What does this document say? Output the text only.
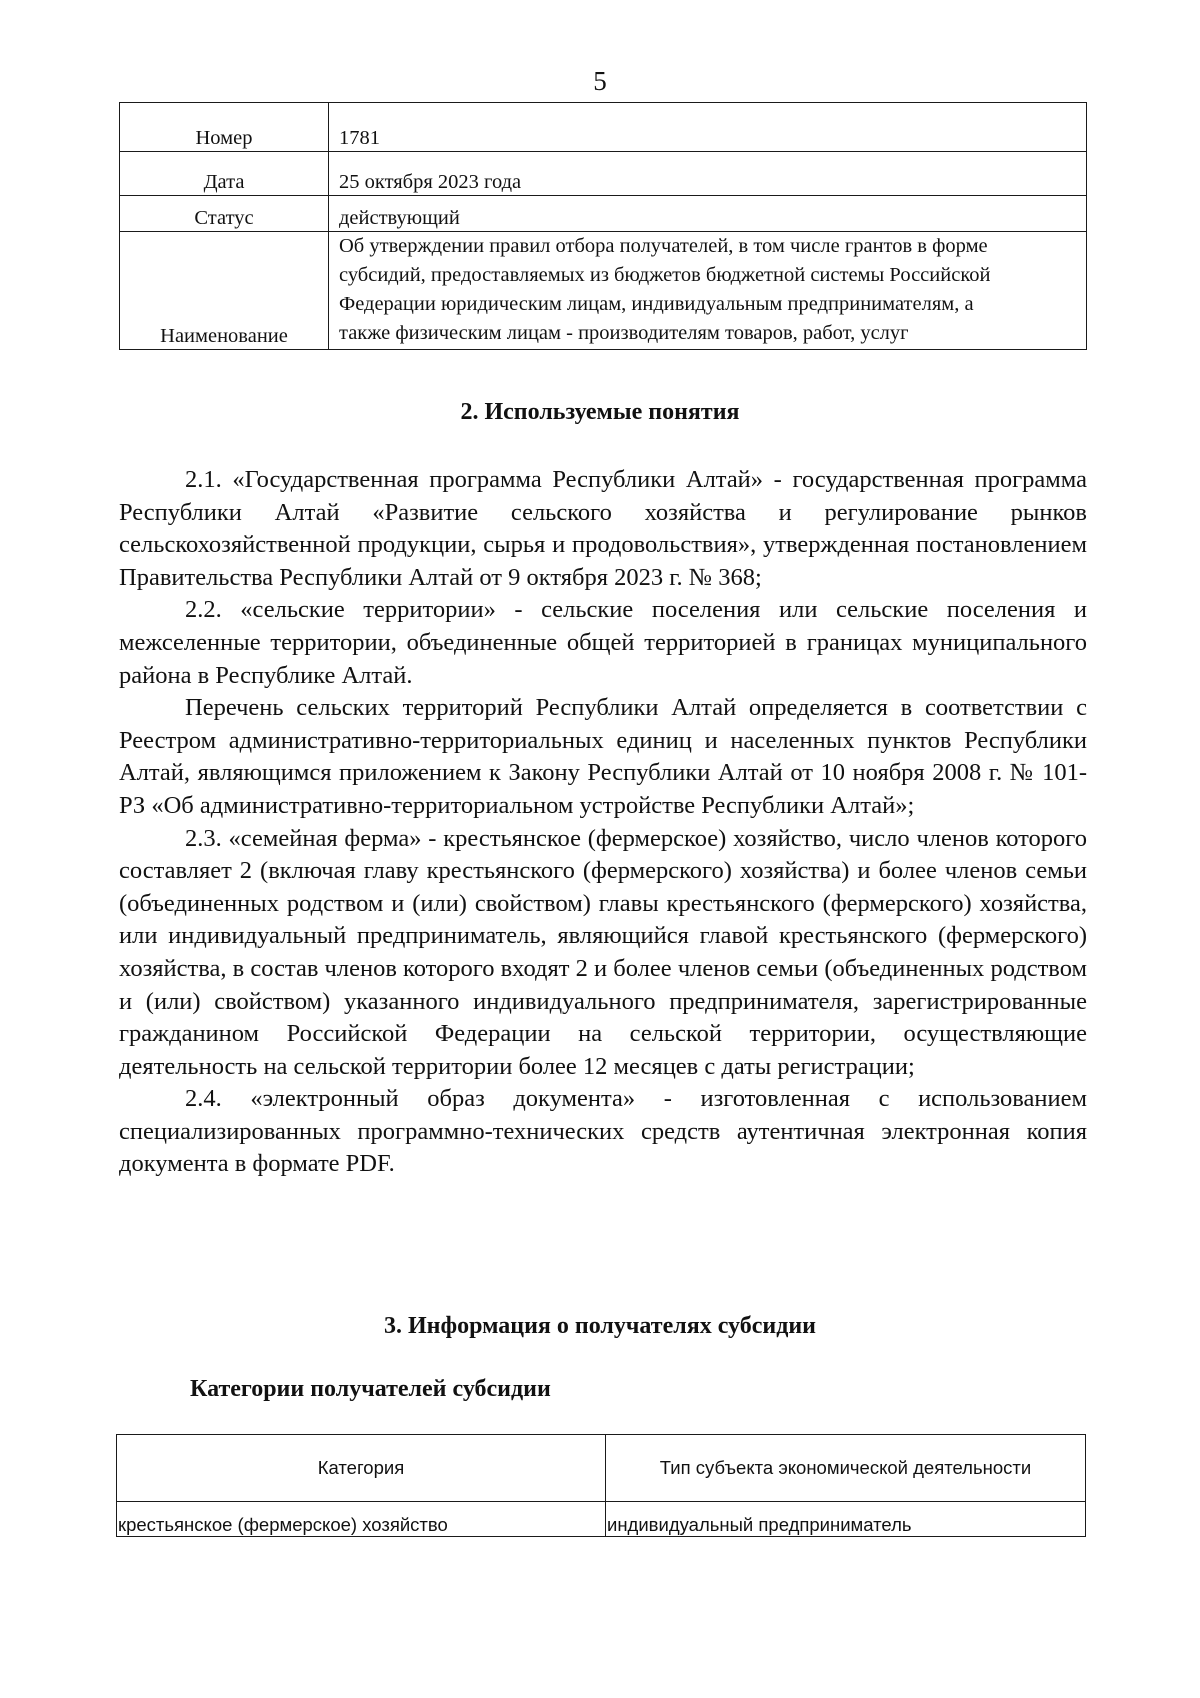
5
Номер	1781
Дата	25 октября 2023 года
Статус	действующий
Наименование	Об утверждении правил отбора получателей, в том числе грантов в форме
субсидий, предоставляемых из бюджетов бюджетной системы Российской
Федерации юридическим лицам, индивидуальным предпринимателям, а
также физическим лицам - производителям товаров, работ, услуг
2. Используемые понятия

2.1. «Государственная программа Республики Алтай» - государственная программа Республики Алтай «Развитие сельского хозяйства и регулирование рынков сельскохозяйственной продукции, сырья и продовольствия», утвержденная постановлением Правительства Республики Алтай от 9 октября 2023 г. № 368;

2.2. «сельские территории» - сельские поселения или сельские поселения и межселенные территории, объединенные общей территорией в границах муниципального района в Республике Алтай.

Перечень сельских территорий Республики Алтай определяется в соответствии с Реестром административно-территориальных единиц и населенных пунктов Республики Алтай, являющимся приложением к Закону Республики Алтай от 10 ноября 2008 г. № 101-РЗ «Об административно-территориальном устройстве Республики Алтай»;

2.3. «семейная ферма» - крестьянское (фермерское) хозяйство, число членов которого составляет 2 (включая главу крестьянского (фермерского) хозяйства) и более членов семьи (объединенных родством и (или) свойством) главы крестьянского (фермерского) хозяйства, или индивидуальный предприниматель, являющийся главой крестьянского (фермерского) хозяйства, в состав членов которого входят 2 и более членов семьи (объединенных родством и (или) свойством) указанного индивидуального предпринимателя, зарегистрированные гражданином Российской Федерации на сельской территории, осуществляющие деятельность на сельской территории более 12 месяцев с даты регистрации;

2.4. «электронный образ документа» - изготовленная с использованием специализированных программно-технических средств аутентичная электронная копия документа в формате PDF.

3. Информация о получателях субсидии
Категории получателей субсидии
Категория	Тип субъекта экономической деятельности
крестьянское (фермерское) хозяйство	индивидуальный предприниматель
